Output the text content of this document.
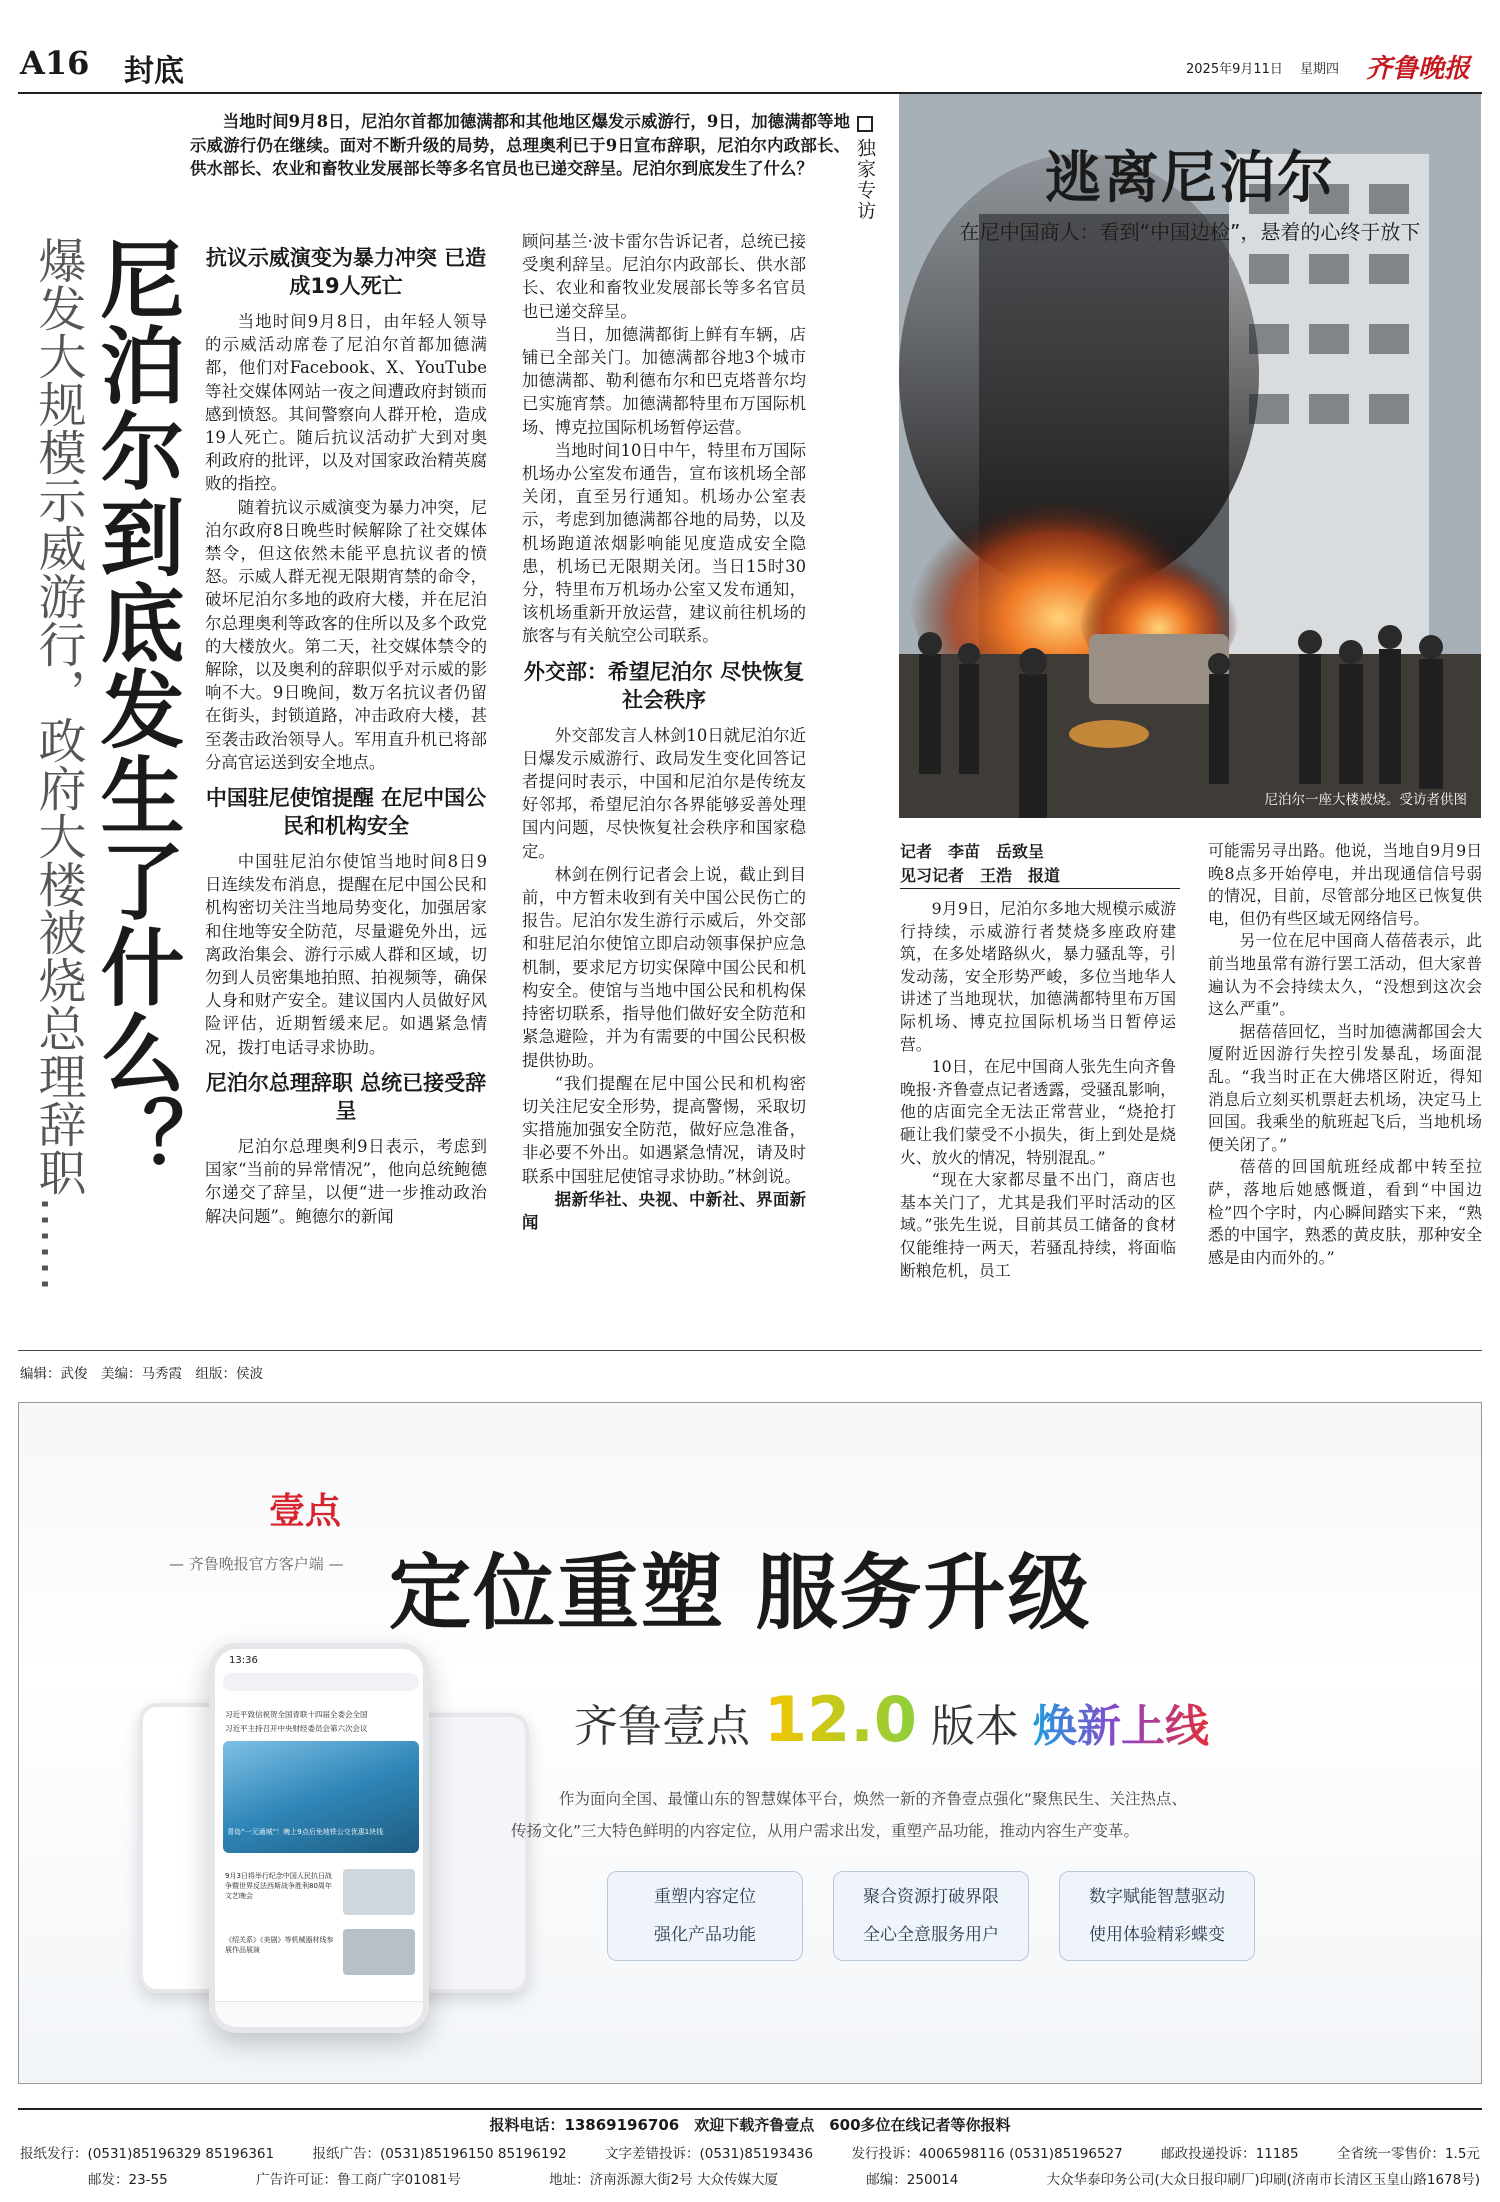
A16 封底	2025年9月11日 星期四 齐鲁晚报
尼泊尔到底发生了什么？
爆发大规模示威游行，政府大楼被烧总理辞职……
当地时间9月8日，尼泊尔首都加德满都和其他地区爆发示威游行，9日，加德满都等地示威游行仍在继续。面对不断升级的局势，总理奥利已于9日宣布辞职，尼泊尔内政部长、供水部长、农业和畜牧业发展部长等多名官员也已递交辞呈。尼泊尔到底发生了什么？
抗议示威演变为暴力冲突 已造成19人死亡

当地时间9月8日，由年轻人领导的示威活动席卷了尼泊尔首都加德满都，他们对Facebook、X、YouTube等社交媒体网站一夜之间遭政府封锁而感到愤怒。其间警察向人群开枪，造成19人死亡。随后抗议活动扩大到对奥利政府的批评，以及对国家政治精英腐败的指控。

随着抗议示威演变为暴力冲突，尼泊尔政府8日晚些时候解除了社交媒体禁令，但这依然未能平息抗议者的愤怒。示威人群无视无限期宵禁的命令，破坏尼泊尔多地的政府大楼，并在尼泊尔总理奥利等政客的住所以及多个政党的大楼放火。第二天，社交媒体禁令的解除，以及奥利的辞职似乎对示威的影响不大。9日晚间，数万名抗议者仍留在街头，封锁道路，冲击政府大楼，甚至袭击政治领导人。军用直升机已将部分高官运送到安全地点。

中国驻尼使馆提醒 在尼中国公民和机构安全

中国驻尼泊尔使馆当地时间8日9日连续发布消息，提醒在尼中国公民和机构密切关注当地局势变化，加强居家和住地等安全防范，尽量避免外出，远离政治集会、游行示威人群和区域，切勿到人员密集地拍照、拍视频等，确保人身和财产安全。建议国内人员做好风险评估，近期暂缓来尼。如遇紧急情况，拨打电话寻求协助。

尼泊尔总理辞职 总统已接受辞呈

尼泊尔总理奥利9日表示，考虑到国家“当前的异常情况”，他向总统鲍德尔递交了辞呈，以便“进一步推动政治解决问题”。鲍德尔的新闻

顾问基兰·波卡雷尔告诉记者，总统已接受奥利辞呈。尼泊尔内政部长、供水部长、农业和畜牧业发展部长等多名官员也已递交辞呈。

当日，加德满都街上鲜有车辆，店铺已全部关门。加德满都谷地3个城市加德满都、勒利德布尔和巴克塔普尔均已实施宵禁。加德满都特里布万国际机场、博克拉国际机场暂停运营。

当地时间10日中午，特里布万国际机场办公室发布通告，宣布该机场全部关闭，直至另行通知。机场办公室表示，考虑到加德满都谷地的局势，以及机场跑道浓烟影响能见度造成安全隐患，机场已无限期关闭。当日15时30分，特里布万机场办公室又发布通知，该机场重新开放运营，建议前往机场的旅客与有关航空公司联系。

外交部：希望尼泊尔 尽快恢复社会秩序

外交部发言人林剑10日就尼泊尔近日爆发示威游行、政局发生变化回答记者提问时表示，中国和尼泊尔是传统友好邻邦，希望尼泊尔各界能够妥善处理国内问题，尽快恢复社会秩序和国家稳定。

林剑在例行记者会上说，截止到目前，中方暂未收到有关中国公民伤亡的报告。尼泊尔发生游行示威后，外交部和驻尼泊尔使馆立即启动领事保护应急机制，要求尼方切实保障中国公民和机构安全。使馆与当地中国公民和机构保持密切联系，指导他们做好安全防范和紧急避险，并为有需要的中国公民积极提供协助。

“我们提醒在尼中国公民和机构密切关注尼安全形势，提高警惕，采取切实措施加强安全防范，做好应急准备，非必要不外出。如遇紧急情况，请及时联系中国驻尼使馆寻求协助。”林剑说。

据新华社、央视、中新社、界面新闻

独家专访	逃离尼泊尔
在尼中国商人：看到“中国边检”，悬着的心终于放下
尼泊尔一座大楼被烧。受访者供图
记者　李苗　岳致呈
见习记者　王浩　报道

9月9日，尼泊尔多地大规模示威游行持续，示威游行者焚烧多座政府建筑，在多处堵路纵火，暴力骚乱等，引发动荡，安全形势严峻，多位当地华人讲述了当地现状，加德满都特里布万国际机场、博克拉国际机场当日暂停运营。

10日，在尼中国商人张先生向齐鲁晚报·齐鲁壹点记者透露，受骚乱影响，他的店面完全无法正常营业，“烧抢打砸让我们蒙受不小损失，街上到处是烧火、放火的情况，特别混乱。”

“现在大家都尽量不出门，商店也基本关门了，尤其是我们平时活动的区域。”张先生说，目前其员工储备的食材仅能维持一两天，若骚乱持续，将面临断粮危机，员工

可能需另寻出路。他说，当地自9月9日晚8点多开始停电，并出现通信信号弱的情况，目前，尽管部分地区已恢复供电，但仍有些区域无网络信号。

另一位在尼中国商人蓓蓓表示，此前当地虽常有游行罢工活动，但大家普遍认为不会持续太久，“没想到这次会这么严重”。

据蓓蓓回忆，当时加德满都国会大厦附近因游行失控引发暴乱，场面混乱。“我当时正在大佛塔区附近，得知消息后立刻买机票赶去机场，决定马上回国。我乘坐的航班起飞后，当地机场便关闭了。”

蓓蓓的回国航班经成都中转至拉萨，落地后她感慨道，看到“中国边检”四个字时，内心瞬间踏实下来，“熟悉的中国字，熟悉的黄皮肤，那种安全感是由内而外的。”

编辑：武俊　美编：马秀霞　组版：侯波
壹点
— 齐鲁晚报官方客户端 —
13:36
习近平致信祝贺全国青联十四届全委会全国
习近平主持召开中央财经委员会第六次会议
青岛“一元通城”！晚上9点后免地铁公交优惠1块钱
9月3日将举行纪念中国人民抗日战争暨世界反法西斯战争胜利80周年文艺晚会
《绍关系》《美剧》等机械器材线参展作品展演
定位重塑 服务升级
齐鲁壹点 12.0 版本 焕新上线
作为面向全国、最懂山东的智慧媒体平台，焕然一新的齐鲁壹点强化“聚焦民生、关注热点、
传扬文化”三大特色鲜明的内容定位，从用户需求出发，重塑产品功能，推动内容生产变革。
重塑内容定位
强化产品功能
聚合资源打破界限
全心全意服务用户
数字赋能智慧驱动
使用体验精彩蝶变
报料电话：13869196706　欢迎下载齐鲁壹点　600多位在线记者等你报料
报纸发行：(0531)85196329 85196361	报纸广告：(0531)85196150 85196192	文字差错投诉：(0531)85193436	发行投诉：4006598116 (0531)85196527	邮政投递投诉：11185	全省统一零售价：1.5元
邮发：23-55	广告许可证：鲁工商广字01081号	地址：济南泺源大街2号 大众传媒大厦	邮编：250014	大众华泰印务公司(大众日报印刷厂)印刷(济南市长清区玉皇山路1678号)
